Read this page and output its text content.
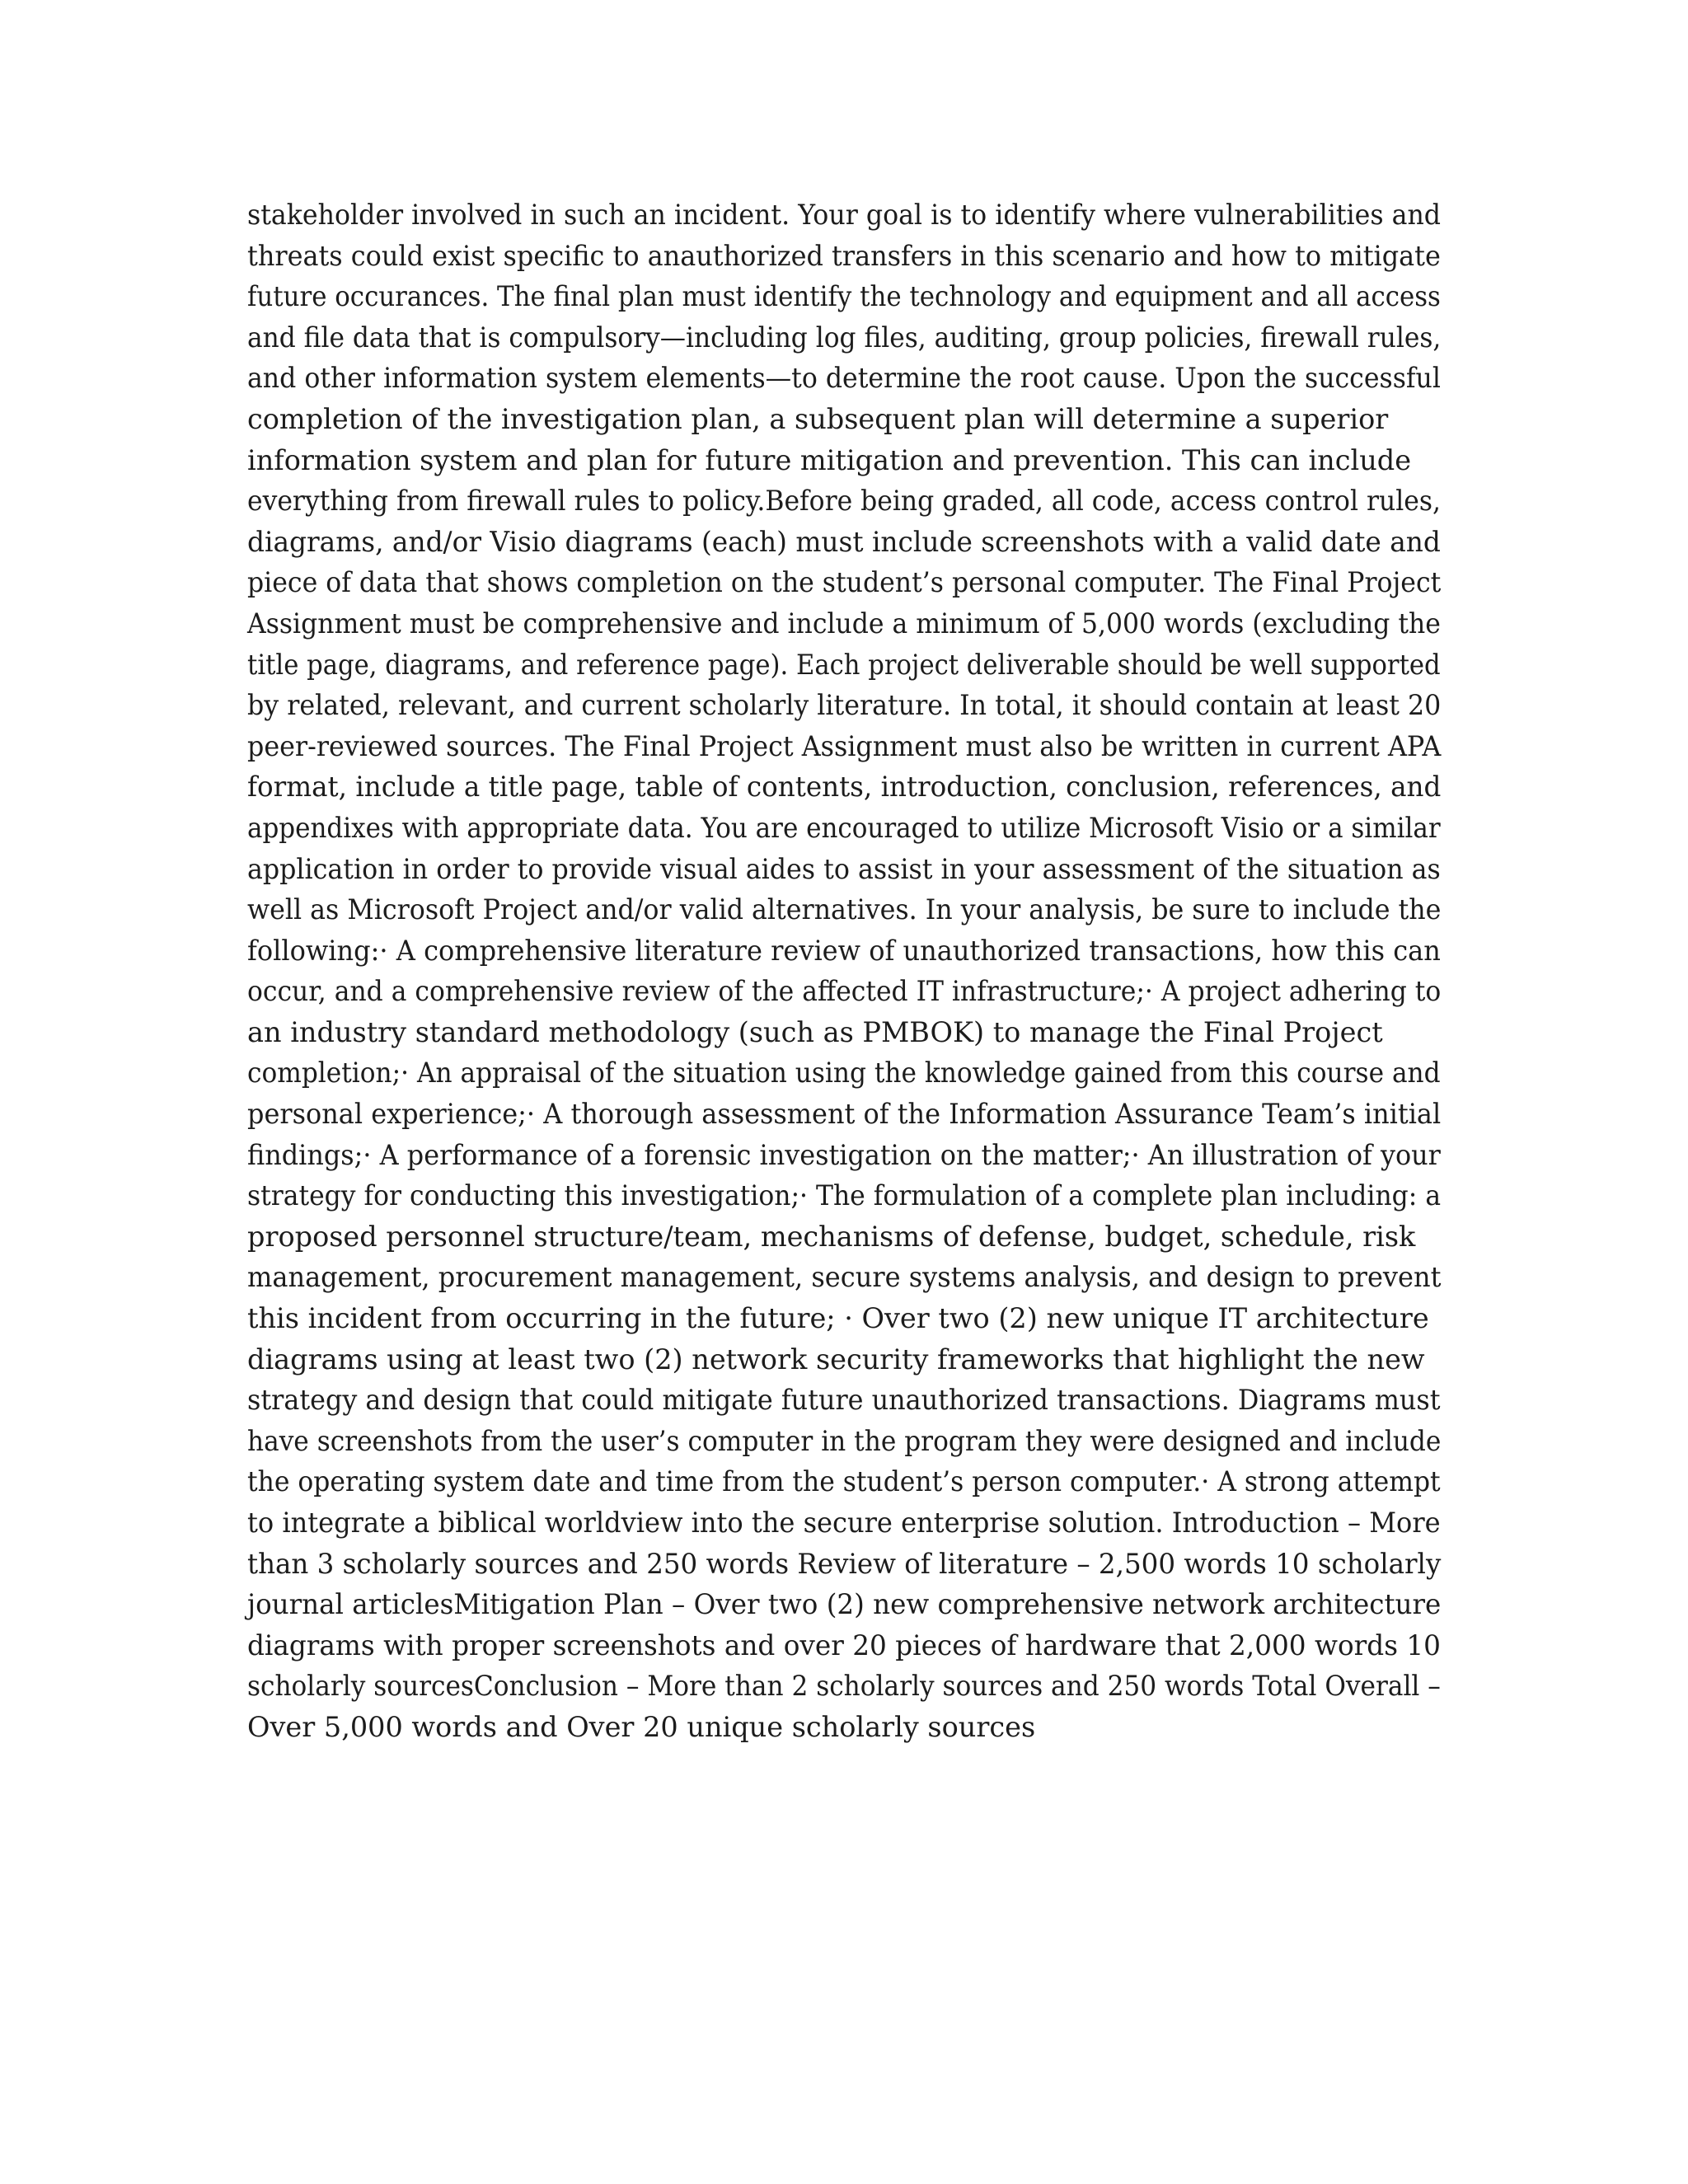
stakeholder involved in such an incident. Your goal is to identify where vulnerabilities and
threats could exist specific to anauthorized transfers in this scenario and how to mitigate
future occurances. The final plan must identify the technology and equipment and all access
and file data that is compulsory—including log files, auditing, group policies, firewall rules,
and other information system elements—to determine the root cause. Upon the successful
completion of the investigation plan, a subsequent plan will determine a superior
information system and plan for future mitigation and prevention. This can include
everything from firewall rules to policy.Before being graded, all code, access control rules,
diagrams, and/or Visio diagrams (each) must include screenshots with a valid date and
piece of data that shows completion on the student’s personal computer. The Final Project
Assignment must be comprehensive and include a minimum of 5,000 words (excluding the
title page, diagrams, and reference page). Each project deliverable should be well supported
by related, relevant, and current scholarly literature. In total, it should contain at least 20
peer-reviewed sources. The Final Project Assignment must also be written in current APA
format, include a title page, table of contents, introduction, conclusion, references, and
appendixes with appropriate data. You are encouraged to utilize Microsoft Visio or a similar
application in order to provide visual aides to assist in your assessment of the situation as
well as Microsoft Project and/or valid alternatives. In your analysis, be sure to include the
following:· A comprehensive literature review of unauthorized transactions, how this can
occur, and a comprehensive review of the affected IT infrastructure;· A project adhering to
an industry standard methodology (such as PMBOK) to manage the Final Project
completion;· An appraisal of the situation using the knowledge gained from this course and
personal experience;· A thorough assessment of the Information Assurance Team’s initial
findings;· A performance of a forensic investigation on the matter;· An illustration of your
strategy for conducting this investigation;· The formulation of a complete plan including: a
proposed personnel structure/team, mechanisms of defense, budget, schedule, risk
management, procurement management, secure systems analysis, and design to prevent
this incident from occurring in the future; · Over two (2) new unique IT architecture
diagrams using at least two (2) network security frameworks that highlight the new
strategy and design that could mitigate future unauthorized transactions. Diagrams must
have screenshots from the user’s computer in the program they were designed and include
the operating system date and time from the student’s person computer.· A strong attempt
to integrate a biblical worldview into the secure enterprise solution. Introduction – More
than 3 scholarly sources and 250 words Review of literature – 2,500 words 10 scholarly
journal articlesMitigation Plan – Over two (2) new comprehensive network architecture
diagrams with proper screenshots and over 20 pieces of hardware that 2,000 words 10
scholarly sourcesConclusion – More than 2 scholarly sources and 250 words Total Overall –
Over 5,000 words and Over 20 unique scholarly sources
